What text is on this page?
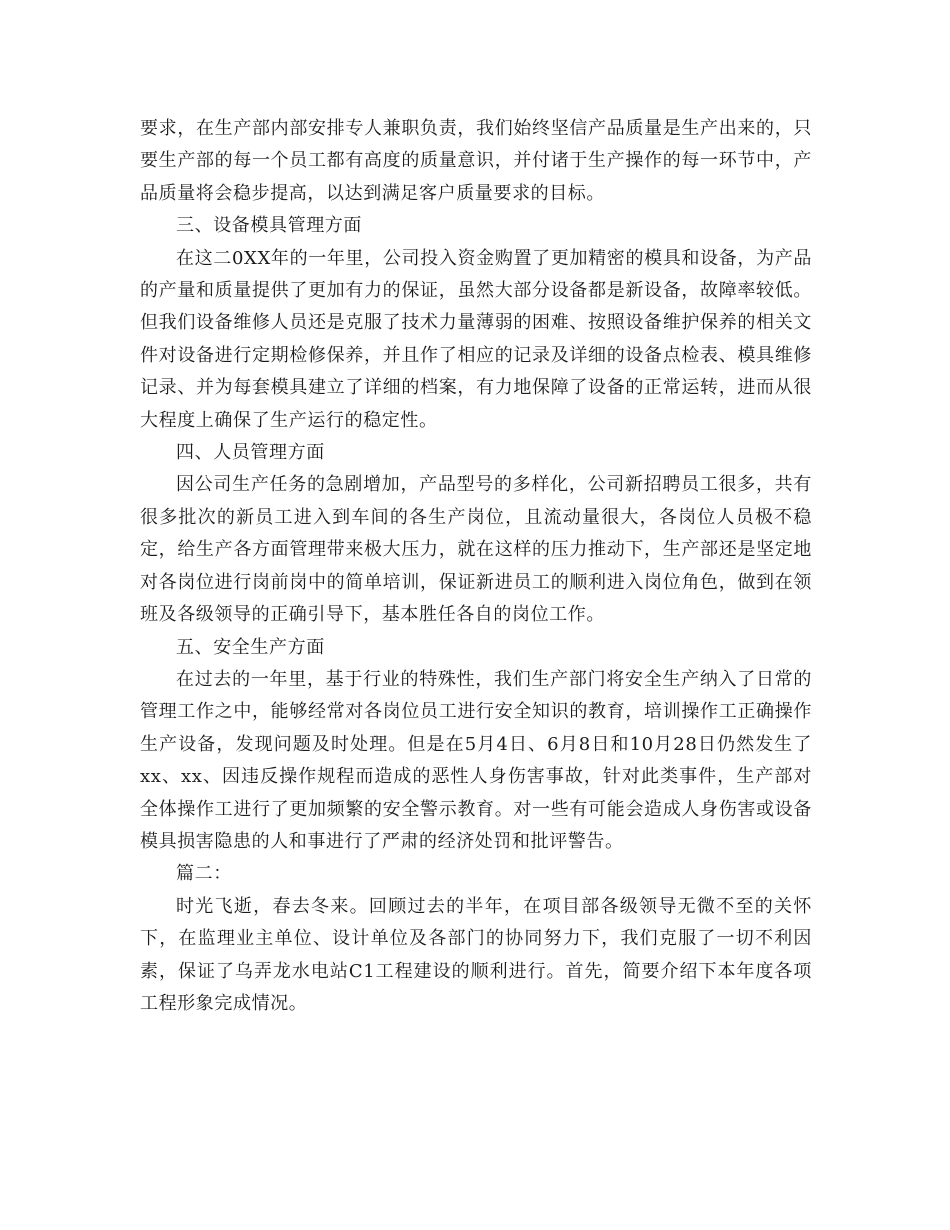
要求，在生产部内部安排专人兼职负责，我们始终坚信产品质量是生产出来的，只要生产部的每一个员工都有高度的质量意识，并付诸于生产操作的每一环节中，产品质量将会稳步提高，以达到满足客户质量要求的目标。

三、设备模具管理方面

在这二0XX年的一年里，公司投入资金购置了更加精密的模具和设备，为产品的产量和质量提供了更加有力的保证，虽然大部分设备都是新设备，故障率较低。但我们设备维修人员还是克服了技术力量薄弱的困难、按照设备维护保养的相关文件对设备进行定期检修保养，并且作了相应的记录及详细的设备点检表、模具维修记录、并为每套模具建立了详细的档案，有力地保障了设备的正常运转，进而从很大程度上确保了生产运行的稳定性。

四、人员管理方面

因公司生产任务的急剧增加，产品型号的多样化，公司新招聘员工很多，共有很多批次的新员工进入到车间的各生产岗位，且流动量很大，各岗位人员极不稳定，给生产各方面管理带来极大压力，就在这样的压力推动下，生产部还是坚定地对各岗位进行岗前岗中的简单培训，保证新进员工的顺利进入岗位角色，做到在领班及各级领导的正确引导下，基本胜任各自的岗位工作。

五、安全生产方面

在过去的一年里，基于行业的特殊性，我们生产部门将安全生产纳入了日常的管理工作之中，能够经常对各岗位员工进行安全知识的教育，培训操作工正确操作生产设备，发现问题及时处理。但是在5月4日、6月8日和10月28日仍然发生了xx、xx、因违反操作规程而造成的恶性人身伤害事故，针对此类事件，生产部对全体操作工进行了更加频繁的安全警示教育。对一些有可能会造成人身伤害或设备模具损害隐患的人和事进行了严肃的经济处罚和批评警告。

篇二：

时光飞逝，春去冬来。回顾过去的半年，在项目部各级领导无微不至的关怀下，在监理业主单位、设计单位及各部门的协同努力下，我们克服了一切不利因素，保证了乌弄龙水电站C1工程建设的顺利进行。首先，简要介绍下本年度各项工程形象完成情况。
